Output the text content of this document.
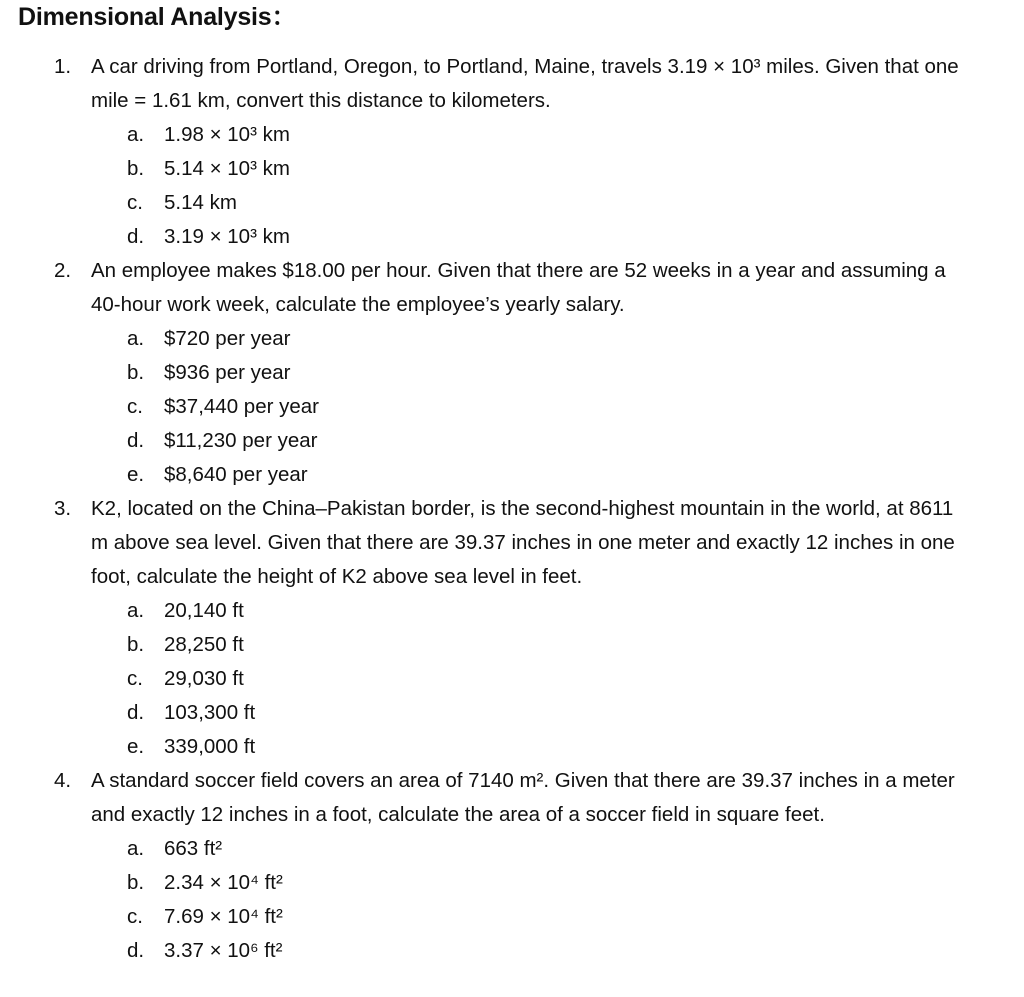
Dimensional Analysis：
1. A car driving from Portland, Oregon, to Portland, Maine, travels 3.19 × 10³ miles. Given that one mile = 1.61 km, convert this distance to kilometers.
a. 1.98 × 10³ km
b. 5.14 × 10³ km
c. 5.14 km
d. 3.19 × 10³ km
2. An employee makes $18.00 per hour. Given that there are 52 weeks in a year and assuming a 40-hour work week, calculate the employee’s yearly salary.
a. $720 per year
b. $936 per year
c. $37,440 per year
d. $11,230 per year
e. $8,640 per year
3. K2, located on the China–Pakistan border, is the second-highest mountain in the world, at 8611 m above sea level. Given that there are 39.37 inches in one meter and exactly 12 inches in one foot, calculate the height of K2 above sea level in feet.
a. 20,140 ft
b. 28,250 ft
c. 29,030 ft
d. 103,300 ft
e. 339,000 ft
4. A standard soccer field covers an area of 7140 m². Given that there are 39.37 inches in a meter and exactly 12 inches in a foot, calculate the area of a soccer field in square feet.
a. 663 ft²
b. 2.34 × 10⁴ ft²
c. 7.69 × 10⁴ ft²
d. 3.37 × 10⁶ ft²
